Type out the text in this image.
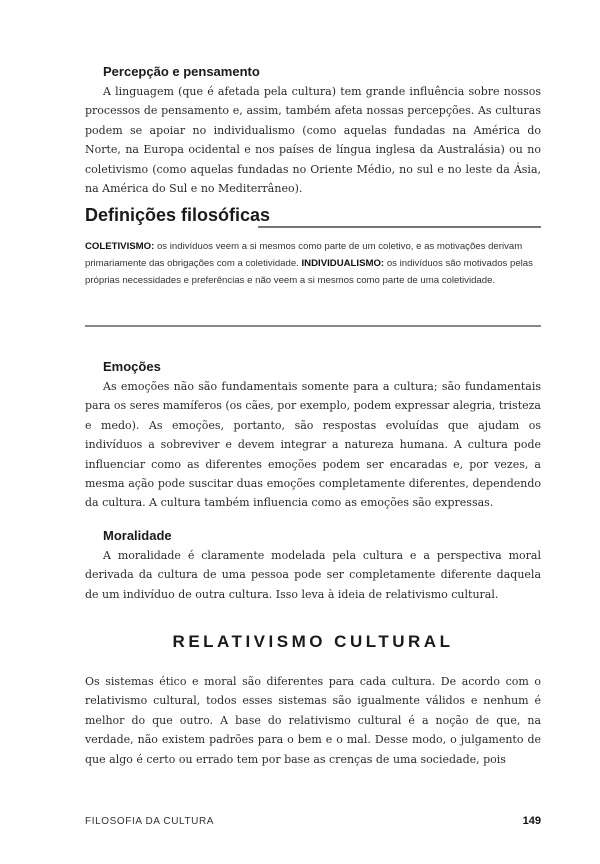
Percepção e pensamento

A linguagem (que é afetada pela cultura) tem grande influência sobre nossos processos de pensamento e, assim, também afeta nossas percepções. As culturas podem se apoiar no individualismo (como aquelas fundadas na América do Norte, na Europa ocidental e nos países de língua inglesa da Australásia) ou no coletivismo (como aquelas fundadas no Oriente Médio, no sul e no leste da Ásia, na América do Sul e no Mediterrâneo).

Definições filosóficas

COLETIVISMO: os indivíduos veem a si mesmos como parte de um coletivo, e as motivações derivam primariamente das obrigações com a coletividade. INDIVIDUALISMO: os indivíduos são motivados pelas próprias necessidades e preferências e não veem a si mesmos como parte de uma coletividade.

Emoções

As emoções não são fundamentais somente para a cultura; são fundamentais para os seres mamíferos (os cães, por exemplo, podem expressar alegria, tristeza e medo). As emoções, portanto, são respostas evoluídas que ajudam os indivíduos a sobreviver e devem integrar a natureza humana. A cultura pode influenciar como as diferentes emoções podem ser encaradas e, por vezes, a mesma ação pode suscitar duas emoções completamente diferentes, dependendo da cultura. A cultura também influencia como as emoções são expressas.

Moralidade

A moralidade é claramente modelada pela cultura e a perspectiva moral derivada da cultura de uma pessoa pode ser completamente diferente daquela de um indivíduo de outra cultura. Isso leva à ideia de relativismo cultural.

RELATIVISMO CULTURAL

Os sistemas ético e moral são diferentes para cada cultura. De acordo com o relativismo cultural, todos esses sistemas são igualmente válidos e nenhum é melhor do que outro. A base do relativismo cultural é a noção de que, na verdade, não existem padrões para o bem e o mal. Desse modo, o julgamento de que algo é certo ou errado tem por base as crenças de uma sociedade, pois

FILOSOFIA DA CULTURA	149
